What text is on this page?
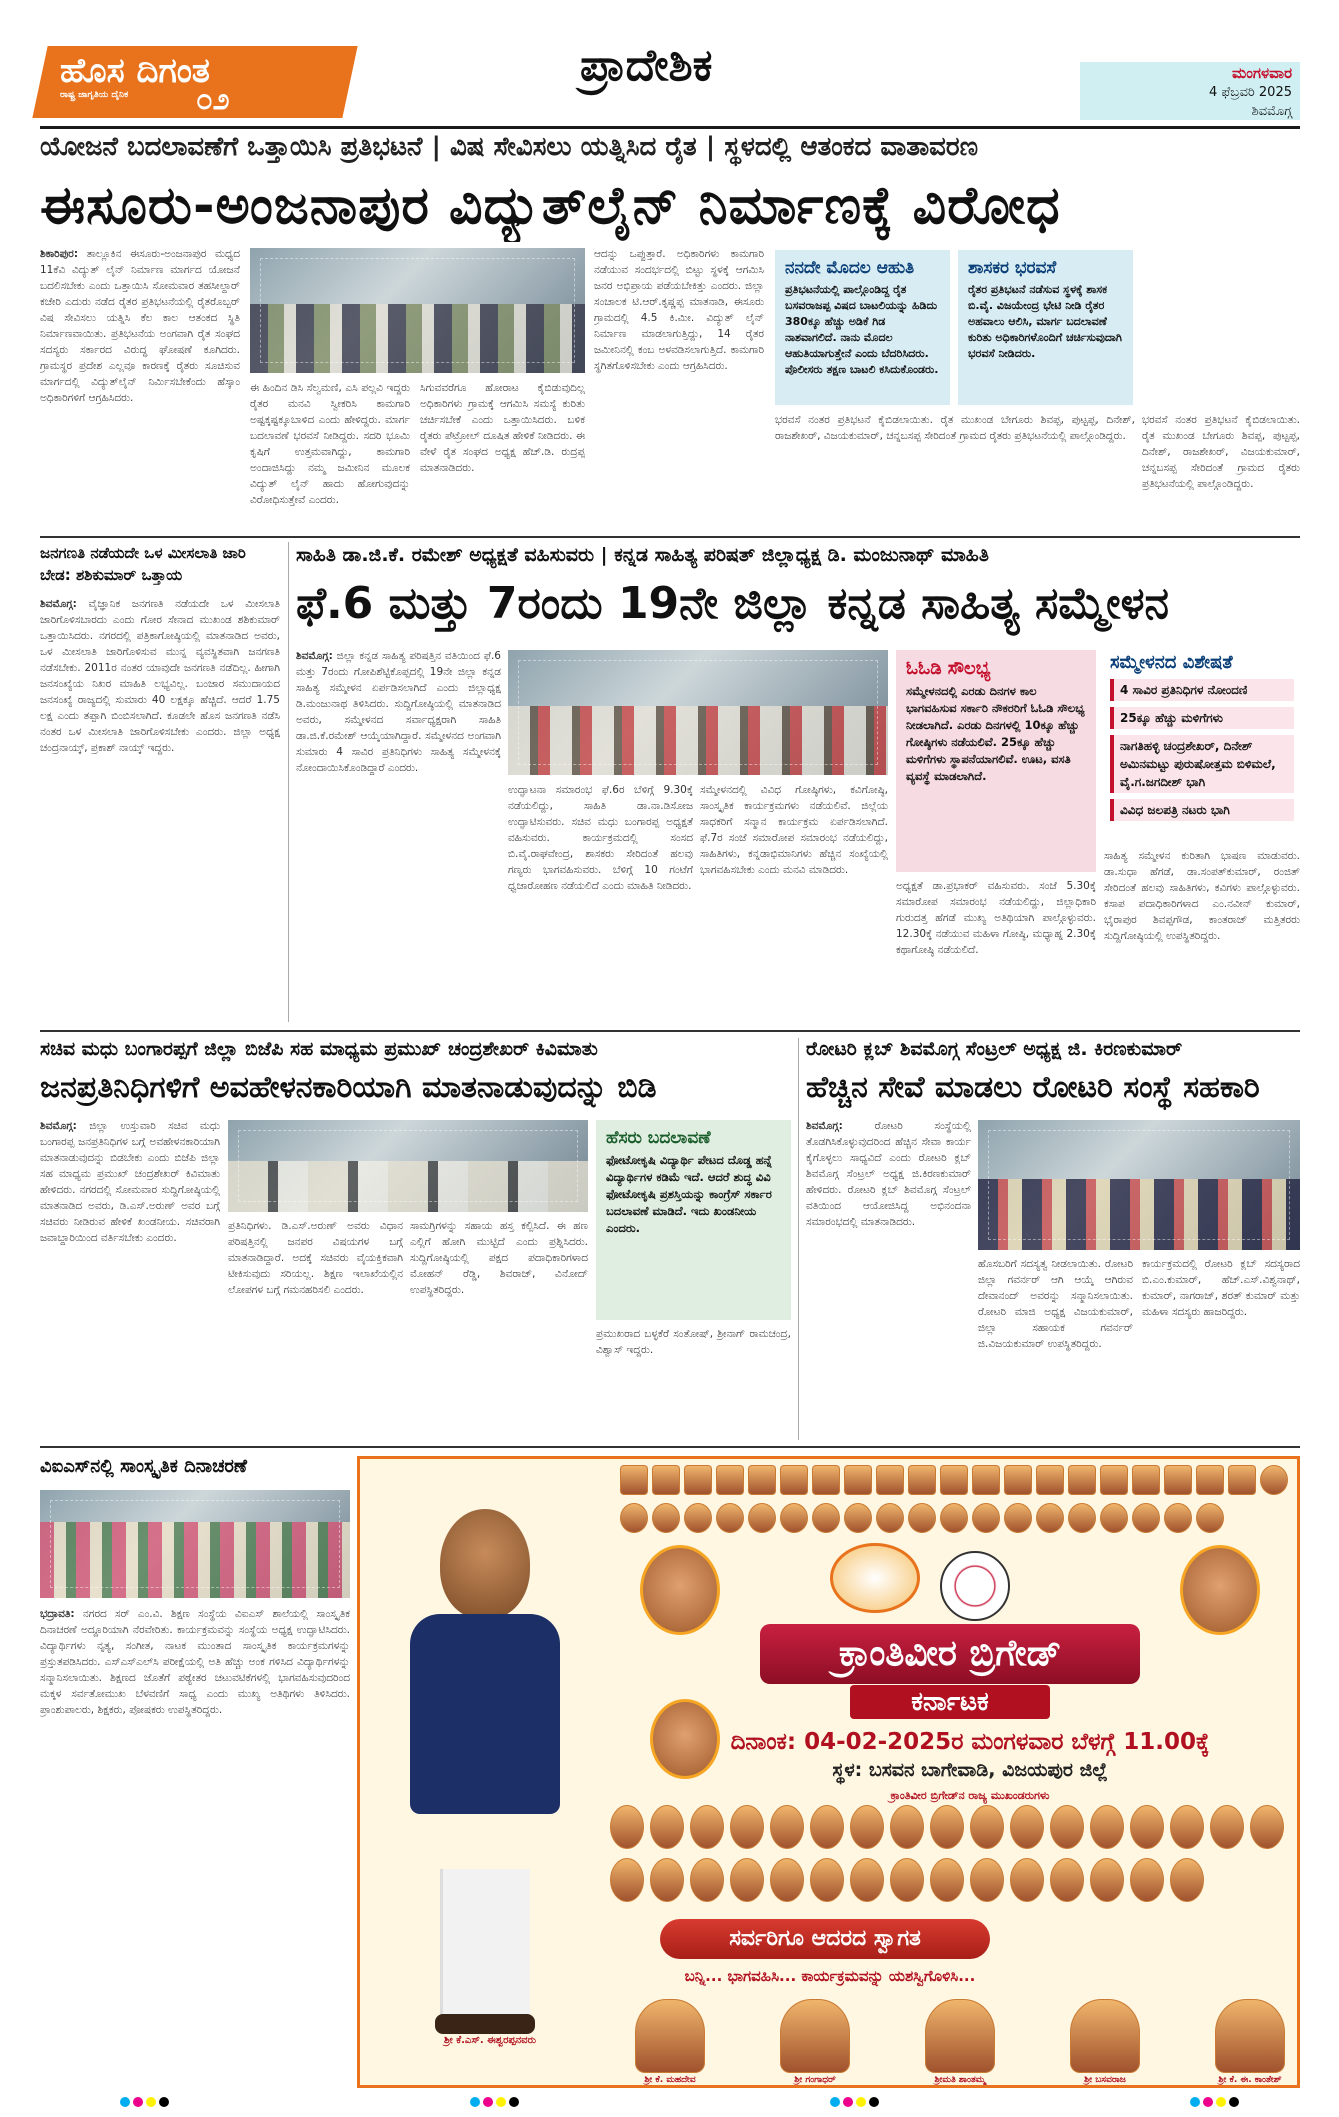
ಹೊಸ ದಿಗಂತ
ರಾಷ್ಟ್ರ ಜಾಗೃತಿಯ ದೈನಿಕ	೦೨
ಪ್ರಾದೇಶಿಕ	ಮಂಗಳವಾರ
4 ಫೆಬ್ರವರಿ 2025
ಶಿವಮೊಗ್ಗ
ಯೋಜನೆ ಬದಲಾವಣೆಗೆ ಒತ್ತಾಯಿಸಿ ಪ್ರತಿಭಟನೆ | ವಿಷ ಸೇವಿಸಲು ಯತ್ನಿಸಿದ ರೈತ | ಸ್ಥಳದಲ್ಲಿ ಆತಂಕದ ವಾತಾವರಣ
ಈಸೂರು-ಅಂಜನಾಪುರ ವಿದ್ಯುತ್‌ಲೈನ್ ನಿರ್ಮಾಣಕ್ಕೆ ವಿರೋಧ
ಶಿಕಾರಿಪುರ: ತಾಲ್ಲೂಕಿನ ಈಸೂರು-ಅಂಜನಾಪುರ ಮಧ್ಯದ 11ಕೆವಿ ವಿದ್ಯುತ್ ಲೈನ್ ನಿರ್ಮಾಣ ಮಾರ್ಗದ ಯೋಜನೆ ಬದಲಿಸಬೇಕು ಎಂದು ಒತ್ತಾಯಿಸಿ ಸೋಮವಾರ ತಹಸೀಲ್ದಾರ್ ಕಚೇರಿ ಎದುರು ನಡೆದ ರೈತರ ಪ್ರತಿಭಟನೆಯಲ್ಲಿ ರೈತರೊಬ್ಬರ್ ವಿಷ ಸೇವಿಸಲು ಯತ್ನಿಸಿ ಕೆಲ ಕಾಲ ಆತಂಕದ ಸ್ಥಿತಿ ನಿರ್ಮಾಣವಾಯಿತು. ಪ್ರತಿಭಟನೆಯ ಅಂಗವಾಗಿ ರೈತ ಸಂಘದ ಸದಸ್ಯರು ಸರ್ಕಾರದ ವಿರುದ್ಧ ಘೋಷಣೆ ಕೂಗಿದರು. ಗ್ರಾಮಸ್ಥರ ಪ್ರದೇಶ ಎಲ್ಲವೂ ಕಾರಣಕ್ಕೆ ರೈತರು ಸೂಚಿಸುವ ಮಾರ್ಗದಲ್ಲಿ ವಿದ್ಯುತ್‌ಲೈನ್ ನಿರ್ಮಿಸಬೇಕೆಂದು ಹೆಸ್ಕಾಂ ಅಧಿಕಾರಿಗಳಿಗೆ ಆಗ್ರಹಿಸಿದರು.
ಈ ಹಿಂದಿನ ಡಿಸಿ ಸೆಲ್ವಮಣಿ, ಎಸಿ ಪಲ್ಲವಿ ಇದ್ದರು ರೈತರ ಮನವಿ ಸ್ವೀಕರಿಸಿ ಕಾಮಗಾರಿ ಅಷ್ಟಕ್ಕಷ್ಟಕ್ಕೂಬಾಳಿದ ಎಂದು ಹೇಳಿದ್ದರು. ಮಾರ್ಗ ಬದಲಾವಣೆ ಭರವಸೆ ನೀಡಿದ್ದರು. ಸದರಿ ಭೂಮಿ ಕೃಷಿಗೆ ಉತ್ತಮವಾಗಿದ್ದು, ಕಾಮಗಾರಿ ಅಂದಾಜಿಸಿದ್ದು ನಮ್ಮ ಜಮೀನಿನ ಮೂಲಕ ವಿದ್ಯುತ್ ಲೈನ್ ಹಾದು ಹೋಗುವುದನ್ನು ವಿರೋಧಿಸುತ್ತೇವೆ ಎಂದರು.
ಸಿಗುವವರೆಗೂ ಹೋರಾಟ ಕೈಬಿಡುವುದಿಲ್ಲ ಅಧಿಕಾರಿಗಳು ಗ್ರಾಮಕ್ಕೆ ಆಗಮಿಸಿ ಸಮಸ್ಯೆ ಕುರಿತು ಚರ್ಚಿಸಬೇಕೆ ಎಂದು ಒತ್ತಾಯಿಸಿದರು. ಬಳಿಕ ರೈತರು ಪೆಟ್ರೋಲ್ ದೂಷಿತ ಹೇಳಿಕೆ ನೀಡಿದರು. ಈ ವೇಳೆ ರೈತ ಸಂಘದ ಅಧ್ಯಕ್ಷ ಹೆಚ್.ಡಿ. ರುದ್ರಪ್ಪ ಮಾತನಾಡಿದರು.
ಆದನ್ನು ಒಪ್ಪುತ್ತಾರೆ. ಅಧಿಕಾರಿಗಳು ಕಾಮಗಾರಿ ನಡೆಯುವ ಸಂದರ್ಭದಲ್ಲಿ ಬಿಟ್ಟು ಸ್ಥಳಕ್ಕೆ ಆಗಮಿಸಿ ಜನರ ಅಭಿಪ್ರಾಯ ಪಡೆಯಬೇಕಿತ್ತು ಎಂದರು. ಜಿಲ್ಲಾ ಸಂಚಾಲಕ ಟಿ.ಆರ್.ಕೃಷ್ಣಪ್ಪ ಮಾತನಾಡಿ, ಈಸೂರು ಗ್ರಾಮದಲ್ಲಿ 4.5 ಕಿ.ಮೀ. ವಿದ್ಯುತ್ ಲೈನ್ ನಿರ್ಮಾಣ ಮಾಡಲಾಗುತ್ತಿದ್ದು, 14 ರೈತರ ಜಮೀನಿನಲ್ಲಿ ಕಂಬ ಅಳವಡಿಸಲಾಗುತ್ತಿದೆ. ಕಾಮಗಾರಿ ಸ್ಥಗಿತಗೊಳಿಸಬೇಕು ಎಂದು ಆಗ್ರಹಿಸಿದರು.
ನನದೇ ಮೊದಲ ಆಹುತಿ
ಪ್ರತಿಭಟನೆಯಲ್ಲಿ ಪಾಲ್ಗೊಂಡಿದ್ದ ರೈತ ಬಸವರಾಜಪ್ಪ ವಿಷದ ಬಾಟಲಿಯನ್ನು ಹಿಡಿದು 380ಕ್ಕೂ ಹೆಚ್ಚು ಅಡಿಕೆ ಗಿಡ ನಾಶವಾಗಲಿದೆ. ನಾನು ಮೊದಲ ಆಹುತಿಯಾಗುತ್ತೇನೆ ಎಂದು ಬೆದರಿಸಿದರು. ಪೊಲೀಸರು ತಕ್ಷಣ ಬಾಟಲಿ ಕಸಿದುಕೊಂಡರು.
ಶಾಸಕರ ಭರವಸೆ
ರೈತರ ಪ್ರತಿಭಟನೆ ನಡೆಸುವ ಸ್ಥಳಕ್ಕೆ ಶಾಸಕ ಬಿ.ವೈ. ವಿಜಯೇಂದ್ರ ಭೇಟಿ ನೀಡಿ ರೈತರ ಅಹವಾಲು ಆಲಿಸಿ, ಮಾರ್ಗ ಬದಲಾವಣೆ ಕುರಿತು ಅಧಿಕಾರಿಗಳೊಂದಿಗೆ ಚರ್ಚಿಸುವುದಾಗಿ ಭರವಸೆ ನೀಡಿದರು.
ಭರವಸೆ ನಂತರ ಪ್ರತಿಭಟನೆ ಕೈಬಿಡಲಾಯಿತು. ರೈತ ಮುಖಂಡ ಬೇಗೂರು ಶಿವಪ್ಪ, ಪುಟ್ಟಪ್ಪ, ದಿನೇಶ್, ರಾಜಶೇಖರ್, ವಿಜಯಕುಮಾರ್, ಚನ್ನಬಸಪ್ಪ ಸೇರಿದಂತೆ ಗ್ರಾಮದ ರೈತರು ಪ್ರತಿಭಟನೆಯಲ್ಲಿ ಪಾಲ್ಗೊಂಡಿದ್ದರು.
ಭರವಸೆ ನಂತರ ಪ್ರತಿಭಟನೆ ಕೈಬಿಡಲಾಯಿತು. ರೈತ ಮುಖಂಡ ಬೇಗೂರು ಶಿವಪ್ಪ, ಪುಟ್ಟಪ್ಪ, ದಿನೇಶ್, ರಾಜಶೇಖರ್, ವಿಜಯಕುಮಾರ್, ಚನ್ನಬಸಪ್ಪ ಸೇರಿದಂತೆ ಗ್ರಾಮದ ರೈತರು ಪ್ರತಿಭಟನೆಯಲ್ಲಿ ಪಾಲ್ಗೊಂಡಿದ್ದರು.
ಜನಗಣತಿ ನಡೆಯದೇ ಒಳ ಮೀಸಲಾತಿ ಜಾರಿ ಬೇಡ: ಶಶಿಕುಮಾರ್ ಒತ್ತಾಯ
ಶಿವಮೊಗ್ಗ: ವೈಜ್ಞಾನಿಕ ಜನಗಣತಿ ನಡೆಯದೇ ಒಳ ಮೀಸಲಾತಿ ಜಾರಿಗೊಳಿಸಬಾರದು ಎಂದು ಗೋರ ಸೇನಾದ ಮುಖಂಡ ಶಶಿಕುಮಾರ್ ಒತ್ತಾಯಿಸಿದರು. ನಗರದಲ್ಲಿ ಪತ್ರಿಕಾಗೋಷ್ಠಿಯಲ್ಲಿ ಮಾತನಾಡಿದ ಅವರು, ಒಳ ಮೀಸಲಾತಿ ಜಾರಿಗೊಳಿಸುವ ಮುನ್ನ ವ್ಯವಸ್ಥಿತವಾಗಿ ಜನಗಣತಿ ನಡೆಸಬೇಕು. 2011ರ ನಂತರ ಯಾವುದೇ ಜನಗಣತಿ ನಡೆದಿಲ್ಲ. ಹೀಗಾಗಿ ಜನಸಂಖ್ಯೆಯ ನಿಖರ ಮಾಹಿತಿ ಲಭ್ಯವಿಲ್ಲ. ಬಂಜಾರ ಸಮುದಾಯದ ಜನಸಂಖ್ಯೆ ರಾಜ್ಯದಲ್ಲಿ ಸುಮಾರು 40 ಲಕ್ಷಕ್ಕೂ ಹೆಚ್ಚಿದೆ. ಆದರೆ 1.75 ಲಕ್ಷ ಎಂದು ತಪ್ಪಾಗಿ ಬಿಂಬಿಸಲಾಗಿದೆ. ಕೂಡಲೇ ಹೊಸ ಜನಗಣತಿ ನಡೆಸಿ ನಂತರ ಒಳ ಮೀಸಲಾತಿ ಜಾರಿಗೊಳಿಸಬೇಕು ಎಂದರು. ಜಿಲ್ಲಾ ಅಧ್ಯಕ್ಷ ಚಂದ್ರನಾಯ್ಕ್, ಪ್ರಕಾಶ್ ನಾಯ್ಕ್ ಇದ್ದರು.
ಸಾಹಿತಿ ಡಾ.ಜಿ.ಕೆ. ರಮೇಶ್ ಅಧ್ಯಕ್ಷತೆ ವಹಿಸುವರು | ಕನ್ನಡ ಸಾಹಿತ್ಯ ಪರಿಷತ್ ಜಿಲ್ಲಾಧ್ಯಕ್ಷ ಡಿ. ಮಂಜುನಾಥ್ ಮಾಹಿತಿ
ಫೆ.6 ಮತ್ತು 7ರಂದು 19ನೇ ಜಿಲ್ಲಾ ಕನ್ನಡ ಸಾಹಿತ್ಯ ಸಮ್ಮೇಳನ
ಶಿವಮೊಗ್ಗ: ಜಿಲ್ಲಾ ಕನ್ನಡ ಸಾಹಿತ್ಯ ಪರಿಷತ್ತಿನ ವತಿಯಿಂದ ಫೆ.6 ಮತ್ತು 7ರಂದು ಗೋಪಿಶೆಟ್ಟಿಕೊಪ್ಪದಲ್ಲಿ 19ನೇ ಜಿಲ್ಲಾ ಕನ್ನಡ ಸಾಹಿತ್ಯ ಸಮ್ಮೇಳನ ಏರ್ಪಡಿಸಲಾಗಿದೆ ಎಂದು ಜಿಲ್ಲಾಧ್ಯಕ್ಷ ಡಿ.ಮಂಜುನಾಥ ತಿಳಿಸಿದರು. ಸುದ್ದಿಗೋಷ್ಠಿಯಲ್ಲಿ ಮಾತನಾಡಿದ ಅವರು, ಸಮ್ಮೇಳನದ ಸರ್ವಾಧ್ಯಕ್ಷರಾಗಿ ಸಾಹಿತಿ ಡಾ.ಜಿ.ಕೆ.ರಮೇಶ್ ಆಯ್ಕೆಯಾಗಿದ್ದಾರೆ. ಸಮ್ಮೇಳನದ ಅಂಗವಾಗಿ ಸುಮಾರು 4 ಸಾವಿರ ಪ್ರತಿನಿಧಿಗಳು ಸಾಹಿತ್ಯ ಸಮ್ಮೇಳನಕ್ಕೆ ನೋಂದಾಯಿಸಿಕೊಂಡಿದ್ದಾರೆ ಎಂದರು.
ಉದ್ಘಾಟನಾ ಸಮಾರಂಭ ಫೆ.6ರ ಬೆಳಿಗ್ಗೆ 9.30ಕ್ಕೆ ನಡೆಯಲಿದ್ದು, ಸಾಹಿತಿ ಡಾ.ನಾ.ಡಿಸೋಜ ಉದ್ಘಾಟಿಸುವರು. ಸಚಿವ ಮಧು ಬಂಗಾರಪ್ಪ ಅಧ್ಯಕ್ಷತೆ ವಹಿಸುವರು. ಕಾರ್ಯಕ್ರಮದಲ್ಲಿ ಸಂಸದ ಬಿ.ವೈ.ರಾಘವೇಂದ್ರ, ಶಾಸಕರು ಸೇರಿದಂತೆ ಹಲವು ಗಣ್ಯರು ಭಾಗವಹಿಸುವರು. ಬೆಳಿಗ್ಗೆ 10 ಗಂಟೆಗೆ ಧ್ವಜಾರೋಹಣ ನಡೆಯಲಿದೆ ಎಂದು ಮಾಹಿತಿ ನೀಡಿದರು.
ಸಮ್ಮೇಳನದಲ್ಲಿ ವಿವಿಧ ಗೋಷ್ಠಿಗಳು, ಕವಿಗೋಷ್ಠಿ, ಸಾಂಸ್ಕೃತಿಕ ಕಾರ್ಯಕ್ರಮಗಳು ನಡೆಯಲಿವೆ. ಜಿಲ್ಲೆಯ ಸಾಧಕರಿಗೆ ಸನ್ಮಾನ ಕಾರ್ಯಕ್ರಮ ಏರ್ಪಡಿಸಲಾಗಿದೆ. ಫೆ.7ರ ಸಂಜೆ ಸಮಾರೋಪ ಸಮಾರಂಭ ನಡೆಯಲಿದ್ದು, ಸಾಹಿತಿಗಳು, ಕನ್ನಡಾಭಿಮಾನಿಗಳು ಹೆಚ್ಚಿನ ಸಂಖ್ಯೆಯಲ್ಲಿ ಭಾಗವಹಿಸಬೇಕು ಎಂದು ಮನವಿ ಮಾಡಿದರು.
ಓಓಡಿ ಸೌಲಭ್ಯ
ಸಮ್ಮೇಳನದಲ್ಲಿ ಎರಡು ದಿನಗಳ ಕಾಲ ಭಾಗವಹಿಸುವ ಸರ್ಕಾರಿ ನೌಕರರಿಗೆ ಓಓಡಿ ಸೌಲಭ್ಯ ನೀಡಲಾಗಿದೆ. ಎರಡು ದಿನಗಳಲ್ಲಿ 10ಕ್ಕೂ ಹೆಚ್ಚು ಗೋಷ್ಠಿಗಳು ನಡೆಯಲಿವೆ. 25ಕ್ಕೂ ಹೆಚ್ಚು ಮಳಿಗೆಗಳು ಸ್ಥಾಪನೆಯಾಗಲಿವೆ. ಊಟ, ವಸತಿ ವ್ಯವಸ್ಥೆ ಮಾಡಲಾಗಿದೆ.
ಅಧ್ಯಕ್ಷತೆ ಡಾ.ಪ್ರಭಾಕರ್ ವಹಿಸುವರು. ಸಂಜೆ 5.30ಕ್ಕೆ ಸಮಾರೋಪ ಸಮಾರಂಭ ನಡೆಯಲಿದ್ದು, ಜಿಲ್ಲಾಧಿಕಾರಿ ಗುರುದತ್ತ ಹೆಗಡೆ ಮುಖ್ಯ ಅತಿಥಿಯಾಗಿ ಪಾಲ್ಗೊಳ್ಳುವರು. 12.30ಕ್ಕೆ ನಡೆಯುವ ಮಹಿಳಾ ಗೋಷ್ಠಿ, ಮಧ್ಯಾಹ್ನ 2.30ಕ್ಕೆ ಕಥಾಗೋಷ್ಠಿ ನಡೆಯಲಿದೆ.
ಸಮ್ಮೇಳನದ ವಿಶೇಷತೆ
4 ಸಾವಿರ ಪ್ರತಿನಿಧಿಗಳ ನೋಂದಣಿ
25ಕ್ಕೂ ಹೆಚ್ಚು ಮಳಿಗೆಗಳು
ನಾಗತಿಹಳ್ಳಿ ಚಂದ್ರಶೇಖರ್, ದಿನೇಶ್ ಅಮಿನಮಟ್ಟು ಪುರುಷೋತ್ತಮ ಬಿಳಿಮಲೆ, ವೈ.ಗ.ಜಗದೀಶ್ ಭಾಗಿ
ವಿವಿಧ ಜಲಪತ್ರಿ ನಟರು ಭಾಗಿ
ಸಾಹಿತ್ಯ ಸಮ್ಮೇಳನ ಕುರಿತಾಗಿ ಭಾಷಣ ಮಾಡುವರು. ಡಾ.ಸುಧಾ ಹೆಗಡೆ, ಡಾ.ಸಂಪತ್‌ಕುಮಾರ್, ರಂಜಿತ್ ಸೇರಿದಂತೆ ಹಲವು ಸಾಹಿತಿಗಳು, ಕವಿಗಳು ಪಾಲ್ಗೊಳ್ಳುವರು. ಕಸಾಪ ಪದಾಧಿಕಾರಿಗಳಾದ ಎಂ.ನವೀನ್ ಕುಮಾರ್, ಭೈರಾಪುರ ಶಿವಪ್ಪಗೌಡ, ಕಾಂತರಾಜ್ ಮತ್ತಿತರರು ಸುದ್ದಿಗೋಷ್ಠಿಯಲ್ಲಿ ಉಪಸ್ಥಿತರಿದ್ದರು.
ಸಚಿವ ಮಧು ಬಂಗಾರಪ್ಪಗೆ ಜಿಲ್ಲಾ ಬಿಜೆಪಿ ಸಹ ಮಾಧ್ಯಮ ಪ್ರಮುಖ್ ಚಂದ್ರಶೇಖರ್ ಕಿವಿಮಾತು
ಜನಪ್ರತಿನಿಧಿಗಳಿಗೆ ಅವಹೇಳನಕಾರಿಯಾಗಿ ಮಾತನಾಡುವುದನ್ನು ಬಿಡಿ
ಶಿವಮೊಗ್ಗ: ಜಿಲ್ಲಾ ಉಸ್ತುವಾರಿ ಸಚಿವ ಮಧು ಬಂಗಾರಪ್ಪ ಜನಪ್ರತಿನಿಧಿಗಳ ಬಗ್ಗೆ ಅವಹೇಳನಕಾರಿಯಾಗಿ ಮಾತನಾಡುವುದನ್ನು ಬಿಡಬೇಕು ಎಂದು ಬಿಜೆಪಿ ಜಿಲ್ಲಾ ಸಹ ಮಾಧ್ಯಮ ಪ್ರಮುಖ್ ಚಂದ್ರಶೇಖರ್ ಕಿವಿಮಾತು ಹೇಳಿದರು. ನಗರದಲ್ಲಿ ಸೋಮವಾರ ಸುದ್ದಿಗೋಷ್ಠಿಯಲ್ಲಿ ಮಾತನಾಡಿದ ಅವರು, ಡಿ.ಎಸ್.ಅರುಣ್ ಅವರ ಬಗ್ಗೆ ಸಚಿವರು ನೀಡಿರುವ ಹೇಳಿಕೆ ಖಂಡನೀಯ. ಸಚಿವರಾಗಿ ಜವಾಬ್ದಾರಿಯಿಂದ ವರ್ತಿಸಬೇಕು ಎಂದರು.
ಪ್ರತಿನಿಧಿಗಳು. ಡಿ.ಎಸ್.ಅರುಣ್ ಅವರು ವಿಧಾನ ಪರಿಷತ್ತಿನಲ್ಲಿ ಜನಪರ ವಿಷಯಗಳ ಬಗ್ಗೆ ಮಾತನಾಡಿದ್ದಾರೆ. ಅದಕ್ಕೆ ಸಚಿವರು ವೈಯಕ್ತಿಕವಾಗಿ ಟೀಕಿಸುವುದು ಸರಿಯಲ್ಲ. ಶಿಕ್ಷಣ ಇಲಾಖೆಯಲ್ಲಿನ ಲೋಪಗಳ ಬಗ್ಗೆ ಗಮನಹರಿಸಲಿ ಎಂದರು.
ಸಾಮಗ್ರಿಗಳನ್ನು ಸಹಾಯ ಹಸ್ತ ಕಲ್ಪಿಸಿದೆ. ಈ ಹಣ ಎಲ್ಲಿಗೆ ಹೋಗಿ ಮುಟ್ಟಿದೆ ಎಂದು ಪ್ರಶ್ನಿಸಿದರು. ಸುದ್ದಿಗೋಷ್ಠಿಯಲ್ಲಿ ಪಕ್ಷದ ಪದಾಧಿಕಾರಿಗಳಾದ ಮೋಹನ್ ರೆಡ್ಡಿ, ಶಿವರಾಜ್, ವಿನೋದ್ ಉಪಸ್ಥಿತರಿದ್ದರು.
ಹೆಸರು ಬದಲಾವಣೆ
ಫೋಟೋಕೃಷಿ ವಿದ್ಯಾರ್ಥಿ ಪೇಟದ ದೊಡ್ಡ ಹನ್ನೆ ವಿದ್ಯಾರ್ಥಿಗಳ ಕಡಿಮೆ ಇದೆ. ಆದರೆ ಶುದ್ಧ ವಿವಿ ಫೋಟೋಕೃಷಿ ಪ್ರಶಸ್ತಿಯನ್ನು ಕಾಂಗ್ರೆಸ್ ಸರ್ಕಾರ ಬದಲಾವಣೆ ಮಾಡಿದೆ. ಇದು ಖಂಡನೀಯ ಎಂದರು.
ಪ್ರಮುಖರಾದ ಬಳ್ಳಕೆರೆ ಸಂತೋಷ್, ಶ್ರೀನಾಗ್ ರಾಮಚಂದ್ರ, ವಿಶ್ವಾಸ್ ಇದ್ದರು.
ರೋಟರಿ ಕ್ಲಬ್ ಶಿವಮೊಗ್ಗ ಸೆಂಟ್ರಲ್ ಅಧ್ಯಕ್ಷ ಜಿ. ಕಿರಣಕುಮಾರ್
ಹೆಚ್ಚಿನ ಸೇವೆ ಮಾಡಲು ರೋಟರಿ ಸಂಸ್ಥೆ ಸಹಕಾರಿ
ಶಿವಮೊಗ್ಗ:	ರೋಟರಿ ಸಂಸ್ಥೆಯಲ್ಲಿ ತೊಡಗಿಸಿಕೊಳ್ಳುವುದರಿಂದ ಹೆಚ್ಚಿನ ಸೇವಾ ಕಾರ್ಯ ಕೈಗೊಳ್ಳಲು ಸಾಧ್ಯವಿದೆ ಎಂದು ರೋಟರಿ ಕ್ಲಬ್ ಶಿವಮೊಗ್ಗ ಸೆಂಟ್ರಲ್ ಅಧ್ಯಕ್ಷ ಜಿ.ಕಿರಣಕುಮಾರ್ ಹೇಳಿದರು. ರೋಟರಿ ಕ್ಲಬ್ ಶಿವಮೊಗ್ಗ ಸೆಂಟ್ರಲ್ ವತಿಯಿಂದ ಆಯೋಜಿಸಿದ್ದ ಅಭಿನಂದನಾ ಸಮಾರಂಭದಲ್ಲಿ ಮಾತನಾಡಿದರು.
ಹೊಸಬರಿಗೆ ಸದಸ್ಯತ್ವ ನೀಡಲಾಯಿತು. ರೋಟರಿ ಜಿಲ್ಲಾ ಗವರ್ನರ್ ಆಗಿ ಆಯ್ಕೆ ಆಗಿರುವ ದೇವಾನಂದ್ ಅವರನ್ನು ಸನ್ಮಾನಿಸಲಾಯಿತು. ರೋಟರಿ ಮಾಜಿ ಅಧ್ಯಕ್ಷ ವಿಜಯಕುಮಾರ್, ಜಿಲ್ಲಾ ಸಹಾಯಕ ಗವರ್ನರ್ ಜಿ.ವಿಜಯಕುಮಾರ್ ಉಪಸ್ಥಿತರಿದ್ದರು.
ಕಾರ್ಯಕ್ರಮದಲ್ಲಿ ರೋಟರಿ ಕ್ಲಬ್ ಸದಸ್ಯರಾದ ಬಿ.ಎಂ.ಕುಮಾರ್, ಹೆಚ್.ಎಸ್.ವಿಶ್ವನಾಥ್, ಕುಮಾರ್, ನಾಗರಾಜ್, ಶರತ್ ಕುಮಾರ್ ಮತ್ತು ಮಹಿಳಾ ಸದಸ್ಯರು ಹಾಜರಿದ್ದರು.
ವಿಐಎಸ್‌ನಲ್ಲಿ ಸಾಂಸ್ಕೃತಿಕ ದಿನಾಚರಣೆ
ಭದ್ರಾವತಿ: ನಗರದ ಸರ್ ಎಂ.ವಿ. ಶಿಕ್ಷಣ ಸಂಸ್ಥೆಯ ವಿಐಎಸ್ ಶಾಲೆಯಲ್ಲಿ ಸಾಂಸ್ಕೃತಿಕ ದಿನಾಚರಣೆ ಅದ್ದೂರಿಯಾಗಿ ನೆರವೇರಿತು. ಕಾರ್ಯಕ್ರಮವನ್ನು ಸಂಸ್ಥೆಯ ಅಧ್ಯಕ್ಷ ಉದ್ಘಾಟಿಸಿದರು. ವಿದ್ಯಾರ್ಥಿಗಳು ನೃತ್ಯ, ಸಂಗೀತ, ನಾಟಕ ಮುಂತಾದ ಸಾಂಸ್ಕೃತಿಕ ಕಾರ್ಯಕ್ರಮಗಳನ್ನು ಪ್ರಸ್ತುತಪಡಿಸಿದರು. ಎಸ್‌ಎಸ್‌ಎಲ್‌ಸಿ ಪರೀಕ್ಷೆಯಲ್ಲಿ ಅತಿ ಹೆಚ್ಚು ಅಂಕ ಗಳಿಸಿದ ವಿದ್ಯಾರ್ಥಿಗಳನ್ನು ಸನ್ಮಾನಿಸಲಾಯಿತು. ಶಿಕ್ಷಣದ ಜೊತೆಗೆ ಪಠ್ಯೇತರ ಚಟುವಟಿಕೆಗಳಲ್ಲಿ ಭಾಗವಹಿಸುವುದರಿಂದ ಮಕ್ಕಳ ಸರ್ವತೋಮುಖ ಬೆಳವಣಿಗೆ ಸಾಧ್ಯ ಎಂದು ಮುಖ್ಯ ಅತಿಥಿಗಳು ತಿಳಿಸಿದರು. ಪ್ರಾಂಶುಪಾಲರು, ಶಿಕ್ಷಕರು, ಪೋಷಕರು ಉಪಸ್ಥಿತರಿದ್ದರು.
ಶ್ರೀ ಕೆ.ಎಸ್. ಈಶ್ವರಪ್ಪನವರು
ಕ್ರಾಂತಿವೀರ ಬ್ರಿಗೇಡ್
ಕರ್ನಾಟಕ
ದಿನಾಂಕ: 04-02-2025ರ ಮಂಗಳವಾರ ಬೆಳಗ್ಗೆ 11.00ಕ್ಕೆ
ಸ್ಥಳ: ಬಸವನ ಬಾಗೇವಾಡಿ, ವಿಜಯಪುರ ಜಿಲ್ಲೆ
ಕ್ರಾಂತಿವೀರ ಬ್ರಿಗೇಡ್‌ನ ರಾಜ್ಯ ಮುಖಂಡರುಗಳು
ಸರ್ವರಿಗೂ ಆದರದ ಸ್ವಾಗತ
ಬನ್ನಿ... ಭಾಗವಹಿಸಿ... ಕಾರ್ಯಕ್ರಮವನ್ನು ಯಶಸ್ವಿಗೊಳಿಸಿ...
ಶ್ರೀ ಕೆ. ಮಹದೇವ	ಶ್ರೀ ಗಂಗಾಧರ್	ಶ್ರೀಮತಿ ಶಾಂತಮ್ಮ	ಶ್ರೀ ಬಸವರಾಜ	ಶ್ರೀ ಕೆ. ಈ. ಕಾಂತೇಶ್
